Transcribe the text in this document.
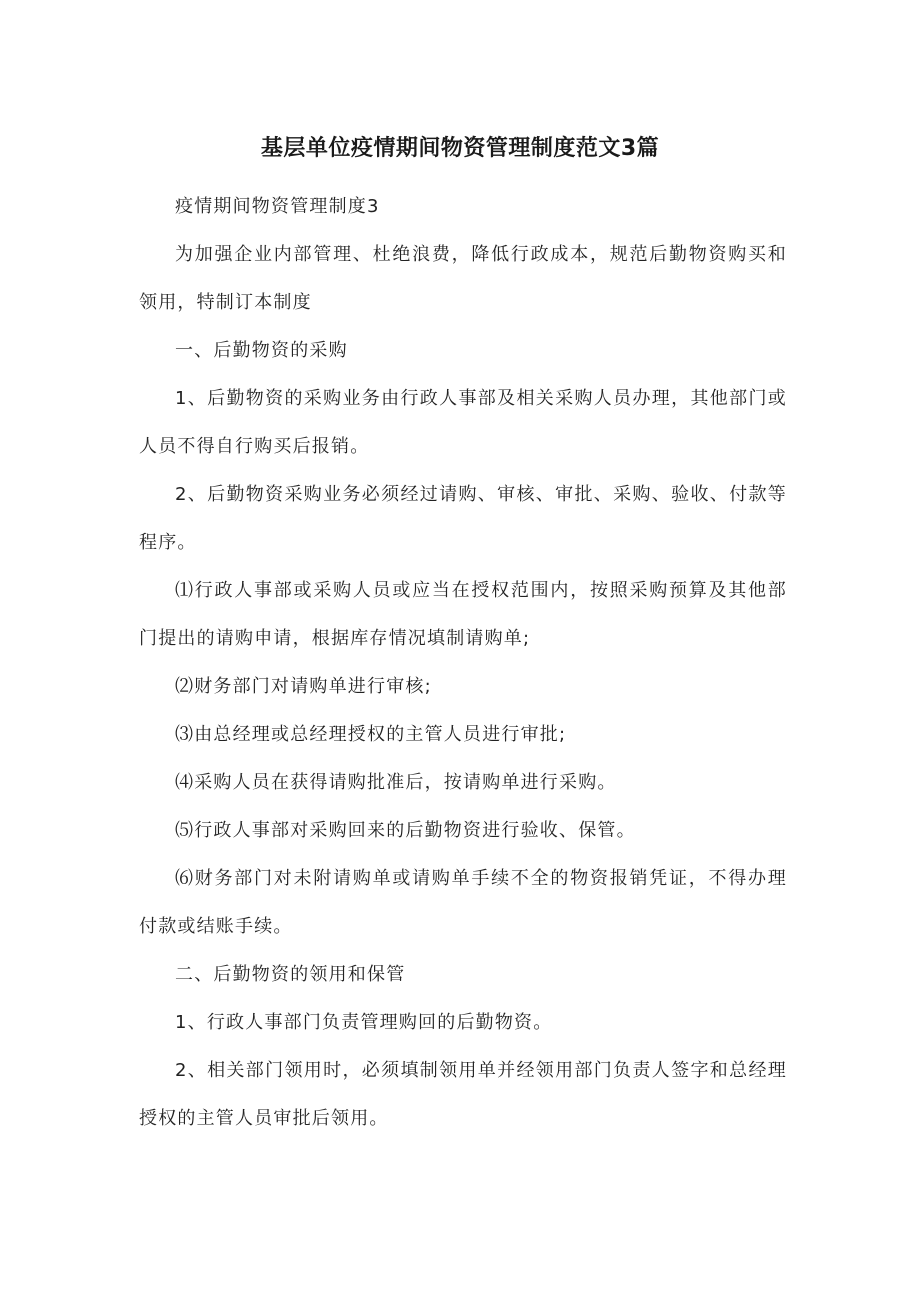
基层单位疫情期间物资管理制度范文3篇

疫情期间物资管理制度3

为加强企业内部管理、杜绝浪费，降低行政成本，规范后勤物资购买和领用，特制订本制度

一、后勤物资的采购

1、后勤物资的采购业务由行政人事部及相关采购人员办理，其他部门或人员不得自行购买后报销。

2、后勤物资采购业务必须经过请购、审核、审批、采购、验收、付款等程序。

⑴行政人事部或采购人员或应当在授权范围内，按照采购预算及其他部门提出的请购申请，根据库存情况填制请购单;

⑵财务部门对请购单进行审核;

⑶由总经理或总经理授权的主管人员进行审批;

⑷采购人员在获得请购批准后，按请购单进行采购。

⑸行政人事部对采购回来的后勤物资进行验收、保管。

⑹财务部门对未附请购单或请购单手续不全的物资报销凭证，不得办理付款或结账手续。

二、后勤物资的领用和保管

1、行政人事部门负责管理购回的后勤物资。

2、相关部门领用时，必须填制领用单并经领用部门负责人签字和总经理授权的主管人员审批后领用。
